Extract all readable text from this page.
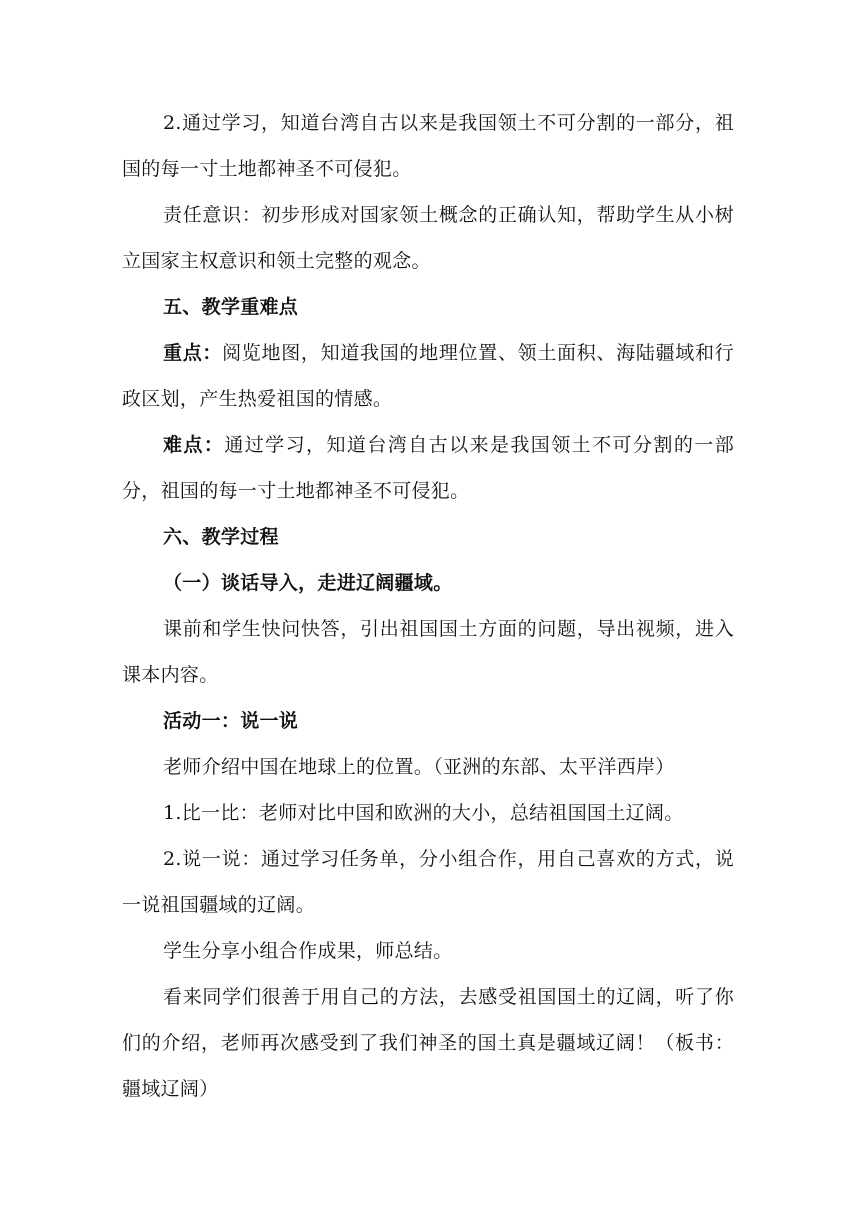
2.通过学习，知道台湾自古以来是我国领土不可分割的一部分，祖国的每一寸土地都神圣不可侵犯。

责任意识：初步形成对国家领土概念的正确认知，帮助学生从小树立国家主权意识和领土完整的观念。

五、教学重难点

重点：阅览地图，知道我国的地理位置、领土面积、海陆疆域和行政区划，产生热爱祖国的情感。

难点：通过学习，知道台湾自古以来是我国领土不可分割的一部分，祖国的每一寸土地都神圣不可侵犯。

六、教学过程

（一）谈话导入，走进辽阔疆域。

课前和学生快问快答，引出祖国国土方面的问题，导出视频，进入课本内容。

活动一：说一说

老师介绍中国在地球上的位置。（亚洲的东部、太平洋西岸）

1.比一比：老师对比中国和欧洲的大小，总结祖国国土辽阔。

2.说一说：通过学习任务单，分小组合作，用自己喜欢的方式，说一说祖国疆域的辽阔。

学生分享小组合作成果，师总结。

看来同学们很善于用自己的方法，去感受祖国国土的辽阔，听了你们的介绍，老师再次感受到了我们神圣的国土真是疆域辽阔！（板书：疆域辽阔）
